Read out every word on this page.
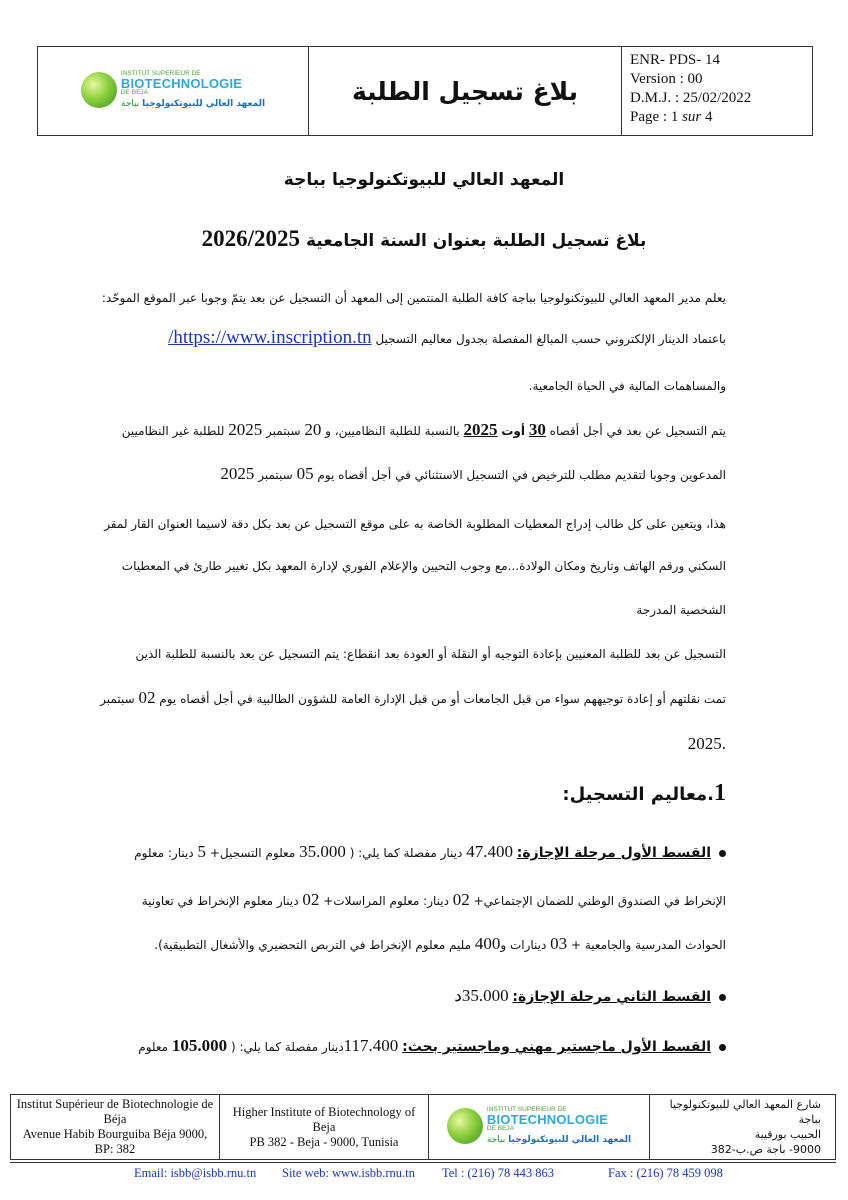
INSTITUT SUPERIEUR DE
BIOTECHNOLOGIE
DE BEJA
المعهد العالي للبيوتكنولوجيا بباجة	بلاغ تسجيل الطلبة	
ENR- PDS- 14
Version : 00
D.M.J. : 25/02/2022
Page : 1 sur 4
المعهد العالي للبيوتكنولوجيا بباجة
بلاغ تسجيل الطلبة بعنوان السنة الجامعية 2026/2025
يعلم مدير المعهد العالي للبيوتكنولوجيا بباجة كافة الطلبة المنتمين إلى المعهد أن التسجيل عن بعد يتمّ وجوبا عبر الموقع الموحّد:
باعتماد الدينار الإلكتروني حسب المبالغ المفصلة بجدول معاليم التسجيل https://www.inscription.tn/
والمساهمات المالية في الحياة الجامعية.
يتم التسجيل عن بعد في أجل أقصاه 30 أوت 2025 بالنسبة للطلبة النظاميين، و 20 سبتمبر 2025 للطلبة غير النظاميين
المدعوين وجوبا لتقديم مطلب للترخيص في التسجيل الاستثنائي في أجل أقصاه يوم 05 سبتمبر 2025
هذا، ويتعين على كل طالب إدراج المعطيات المطلوبة الخاصة به على موقع التسجيل عن بعد بكل دقة لاسيما العنوان القار لمقر
السكني ورقم الهاتف وتاريخ ومكان الولادة...مع وجوب التحيين والإعلام الفوري لإدارة المعهد بكل تغيير طارئ في المعطيات
الشخصية المدرجة
التسجيل عن بعد للطلبة المعنيين بإعادة التوجيه أو النقلة أو العودة بعد انقطاع: يتم التسجيل عن بعد بالنسبة للطلبة الذين
تمت نقلتهم أو إعادة توجيههم سواء من قبل الجامعات أو من قبل الإدارة العامة للشؤون الطالبية في أجل أقصاه يوم 02 سبتمبر
.2025
1.معاليم التسجيل:
القسط الأول مرحلة الإجازة: 47.400 دينار مفصلة كما يلي: ( 35.000 معلوم التسجيل+ 5 دينار: معلوم
الإنخراط في الصندوق الوطني للضمان الإجتماعي+ 02 دينار: معلوم المراسلات+ 02 دينار معلوم الإنخراط في تعاونية
الحوادث المدرسية والجامعية + 03 دينارات و400 مليم معلوم الإنخراط في التربص التحضيري والأشغال التطبيقية).
القسط الثاني مرحلة الإجازة: 35.000د
القسط الأول ماجستير مهني وماجستير بحث: 117.400دينار مفصلة كما يلي: ( 105.000 معلوم
Institut Supérieur de Biotechnologie de Béja
Avenue Habib Bourguiba Béja 9000, BP: 382

Higher Institute of Biotechnology of Beja
PB 382 - Beja - 9000, Tunisia

INSTITUT SUPERIEUR DE
BIOTECHNOLOGIE
DE BEJA
المعهد العالي للبيوتكنولوجيا بباجة

شارع المعهد العالي للبيوتكنولوجيا بباجة
الحبيب بورقيبة
9000- باجة ص.ب-382
Email: isbb@isbb.rnu.tn Site web: www.isbb.rnu.tn Tel : (216) 78 443 863	Fax : (216) 78 459 098
